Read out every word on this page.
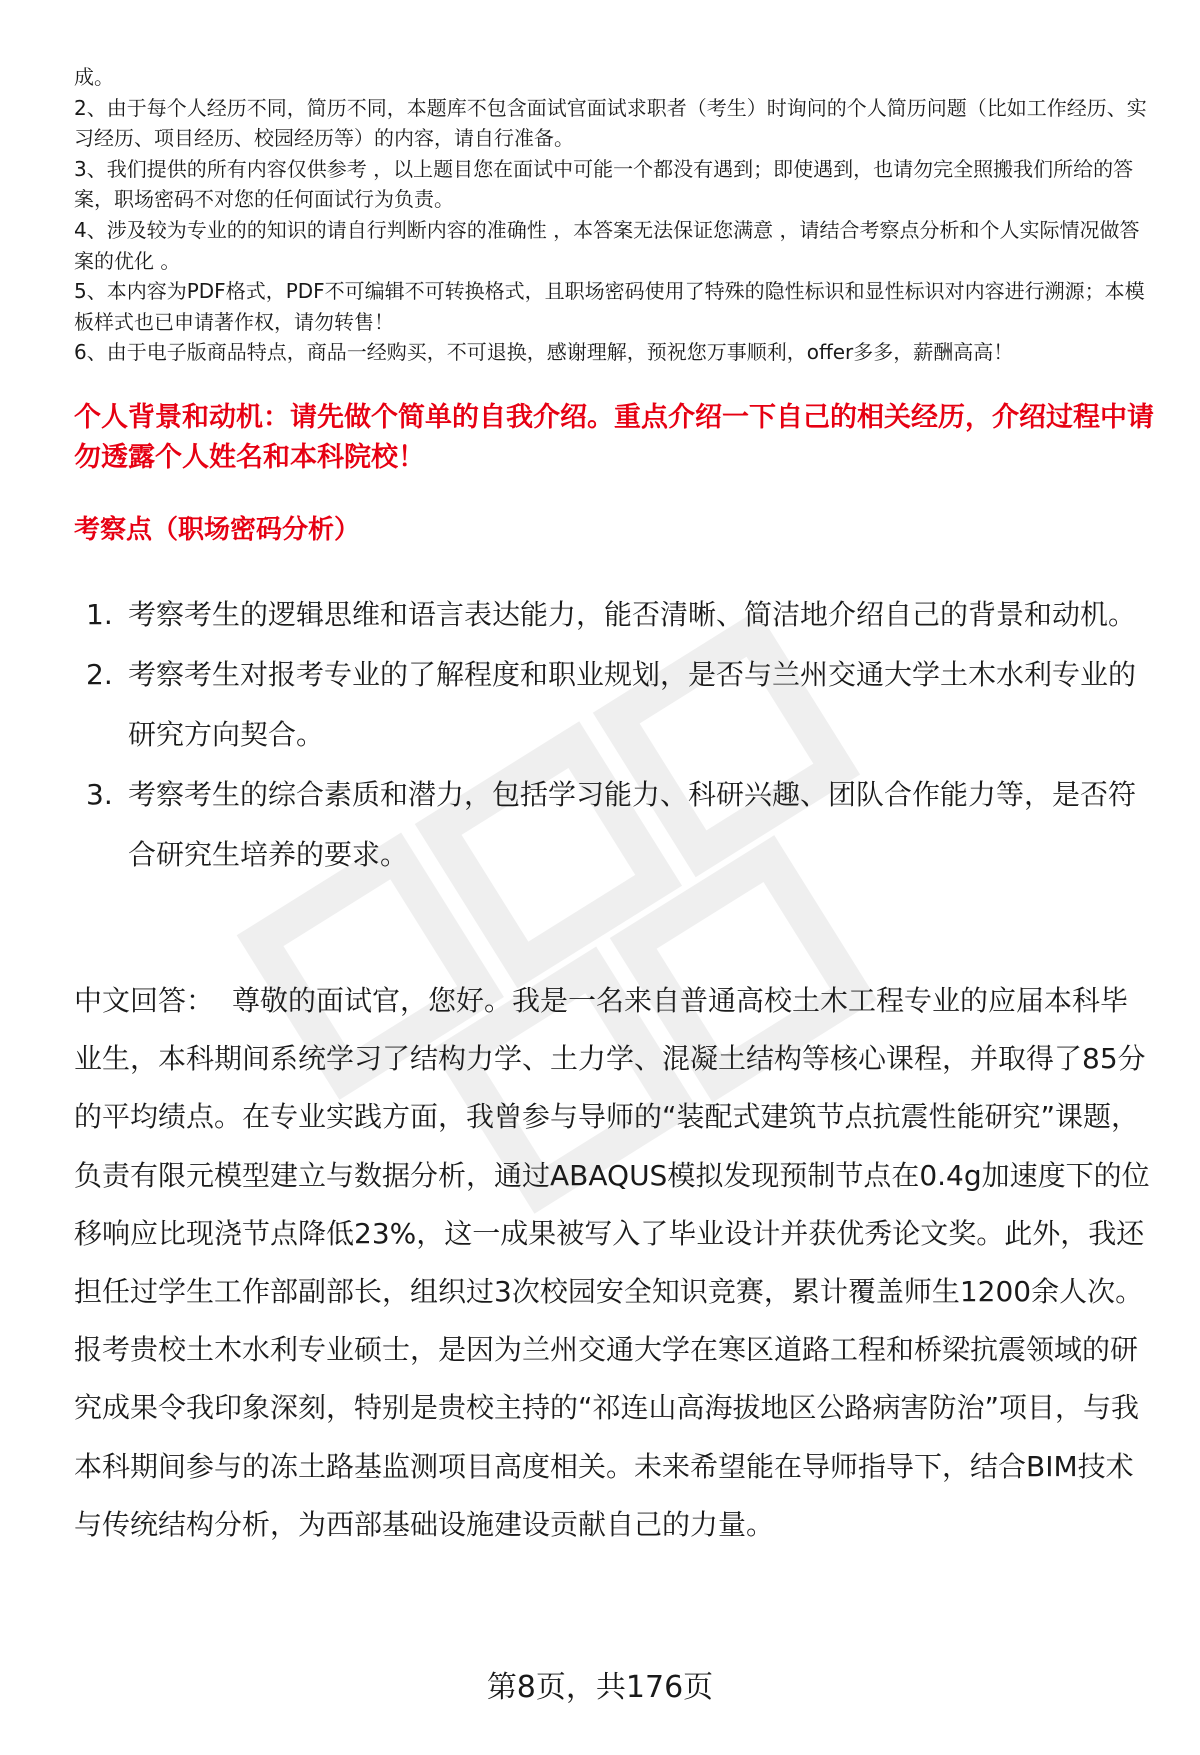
成。

2、由于每个人经历不同，简历不同，本题库不包含面试官面试求职者（考生）时询问的个人简历问题（比如工作经历、实习经历、项目经历、校园经历等）的内容，请自行准备。

3、我们提供的所有内容仅供参考 ，以上题目您在面试中可能一个都没有遇到；即使遇到，也请勿完全照搬我们所给的答案，职场密码不对您的任何面试行为负责。

4、涉及较为专业的的知识的请自行判断内容的准确性 ，本答案无法保证您满意 ，请结合考察点分析和个人实际情况做答案的优化 。

5、本内容为PDF格式，PDF不可编辑不可转换格式，且职场密码使用了特殊的隐性标识和显性标识对内容进行溯源；本模板样式也已申请著作权，请勿转售！

6、由于电子版商品特点，商品一经购买，不可退换，感谢理解，预祝您万事顺利，offer多多，薪酬高高！

个人背景和动机：请先做个简单的自我介绍。重点介绍一下自己的相关经历，介绍过程中请勿透露个人姓名和本科院校！

考察点（职场密码分析）

1. 考察考生的逻辑思维和语言表达能力，能否清晰、简洁地介绍自己的背景和动机。
2. 考察考生对报考专业的了解程度和职业规划，是否与兰州交通大学土木水利专业的研究方向契合。
3. 考察考生的综合素质和潜力，包括学习能力、科研兴趣、团队合作能力等，是否符合研究生培养的要求。

中文回答： 尊敬的面试官，您好。我是一名来自普通高校土木工程专业的应届本科毕业生，本科期间系统学习了结构力学、土力学、混凝土结构等核心课程，并取得了85分的平均绩点。在专业实践方面，我曾参与导师的“装配式建筑节点抗震性能研究”课题，负责有限元模型建立与数据分析，通过ABAQUS模拟发现预制节点在0.4g加速度下的位移响应比现浇节点降低23%，这一成果被写入了毕业设计并获优秀论文奖。此外，我还担任过学生工作部副部长，组织过3次校园安全知识竞赛，累计覆盖师生1200余人次。报考贵校土木水利专业硕士，是因为兰州交通大学在寒区道路工程和桥梁抗震领域的研究成果令我印象深刻，特别是贵校主持的“祁连山高海拔地区公路病害防治”项目，与我本科期间参与的冻土路基监测项目高度相关。未来希望能在导师指导下，结合BIM技术与传统结构分析，为西部基础设施建设贡献自己的力量。

第8页，共176页
